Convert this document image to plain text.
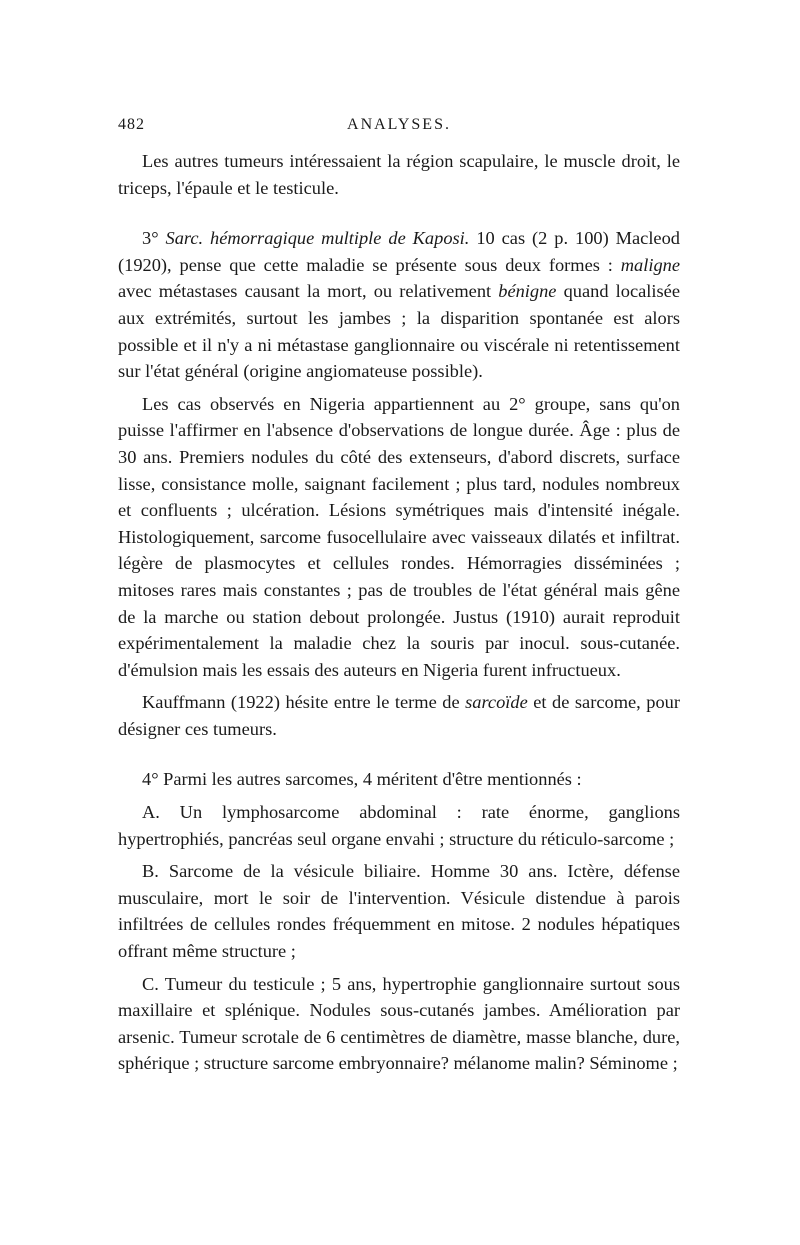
482	ANALYSES.

Les autres tumeurs intéressaient la région scapulaire, le muscle droit, le triceps, l'épaule et le testicule.

3° Sarc. hémorragique multiple de Kaposi. 10 cas (2 p. 100) Macleod (1920), pense que cette maladie se présente sous deux formes : maligne avec métastases causant la mort, ou relativement bénigne quand localisée aux extrémités, surtout les jambes ; la disparition spontanée est alors possible et il n'y a ni métastase ganglionnaire ou viscérale ni retentissement sur l'état général (origine angiomateuse possible).

Les cas observés en Nigeria appartiennent au 2° groupe, sans qu'on puisse l'affirmer en l'absence d'observations de longue durée. Âge : plus de 30 ans. Premiers nodules du côté des extenseurs, d'abord discrets, surface lisse, consistance molle, saignant facilement ; plus tard, nodules nombreux et confluents ; ulcération. Lésions symétriques mais d'intensité inégale. Histologiquement, sarcome fusocellulaire avec vaisseaux dilatés et infiltrat. légère de plasmocytes et cellules rondes. Hémorragies disséminées ; mitoses rares mais constantes ; pas de troubles de l'état général mais gêne de la marche ou station debout prolongée. Justus (1910) aurait reproduit expérimentalement la maladie chez la souris par inocul. sous-cutanée. d'émulsion mais les essais des auteurs en Nigeria furent infructueux.

Kauffmann (1922) hésite entre le terme de sarcoïde et de sarcome, pour désigner ces tumeurs.

4° Parmi les autres sarcomes, 4 méritent d'être mentionnés :

A. Un lymphosarcome abdominal : rate énorme, ganglions hypertrophiés, pancréas seul organe envahi ; structure du réticulo-sarcome ;

B. Sarcome de la vésicule biliaire. Homme 30 ans. Ictère, défense musculaire, mort le soir de l'intervention. Vésicule distendue à parois infiltrées de cellules rondes fréquemment en mitose. 2 nodules hépatiques offrant même structure ;

C. Tumeur du testicule ; 5 ans, hypertrophie ganglionnaire surtout sous maxillaire et splénique. Nodules sous-cutanés jambes. Amélioration par arsenic. Tumeur scrotale de 6 centimètres de diamètre, masse blanche, dure, sphérique ; structure sarcome embryonnaire? mélanome malin? Séminome ;
